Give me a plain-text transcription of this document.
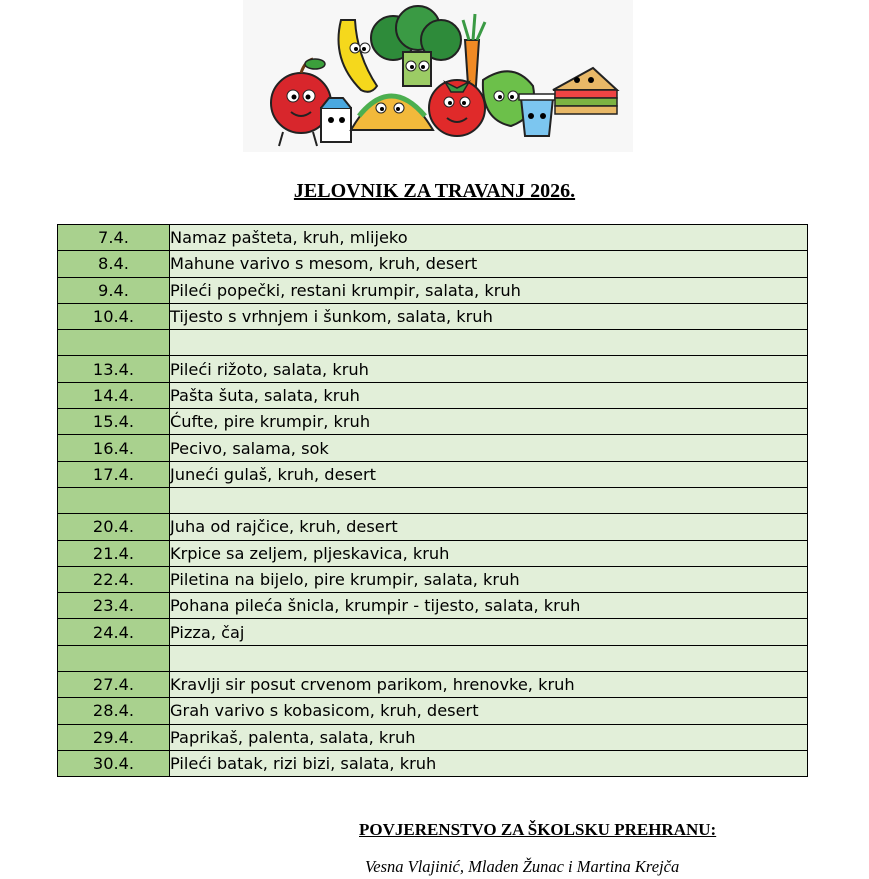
JELOVNIK ZA TRAVANJ 2026.
7.4.	Namaz pašteta, kruh, mlijeko
8.4.	Mahune varivo s mesom, kruh, desert
9.4.	Pileći popečki, restani krumpir, salata, kruh
10.4.	Tijesto s vrhnjem i šunkom, salata, kruh

13.4.	Pileći rižoto, salata, kruh
14.4.	Pašta šuta, salata, kruh
15.4.	Ćufte, pire krumpir, kruh
16.4.	Pecivo, salama, sok
17.4.	Juneći gulaš, kruh, desert

20.4.	Juha od rajčice, kruh, desert
21.4.	Krpice sa zeljem, pljeskavica, kruh
22.4.	Piletina na bijelo, pire krumpir, salata, kruh
23.4.	Pohana pileća šnicla, krumpir - tijesto, salata, kruh
24.4.	Pizza, čaj

27.4.	Kravlji sir posut crvenom parikom, hrenovke, kruh
28.4.	Grah varivo s kobasicom, kruh, desert
29.4.	Paprikaš, palenta, salata, kruh
30.4.	Pileći batak, rizi bizi, salata, kruh
POVJERENSTVO ZA ŠKOLSKU PREHRANU:
Vesna Vlajinić, Mladen Žunac i Martina Krejča
